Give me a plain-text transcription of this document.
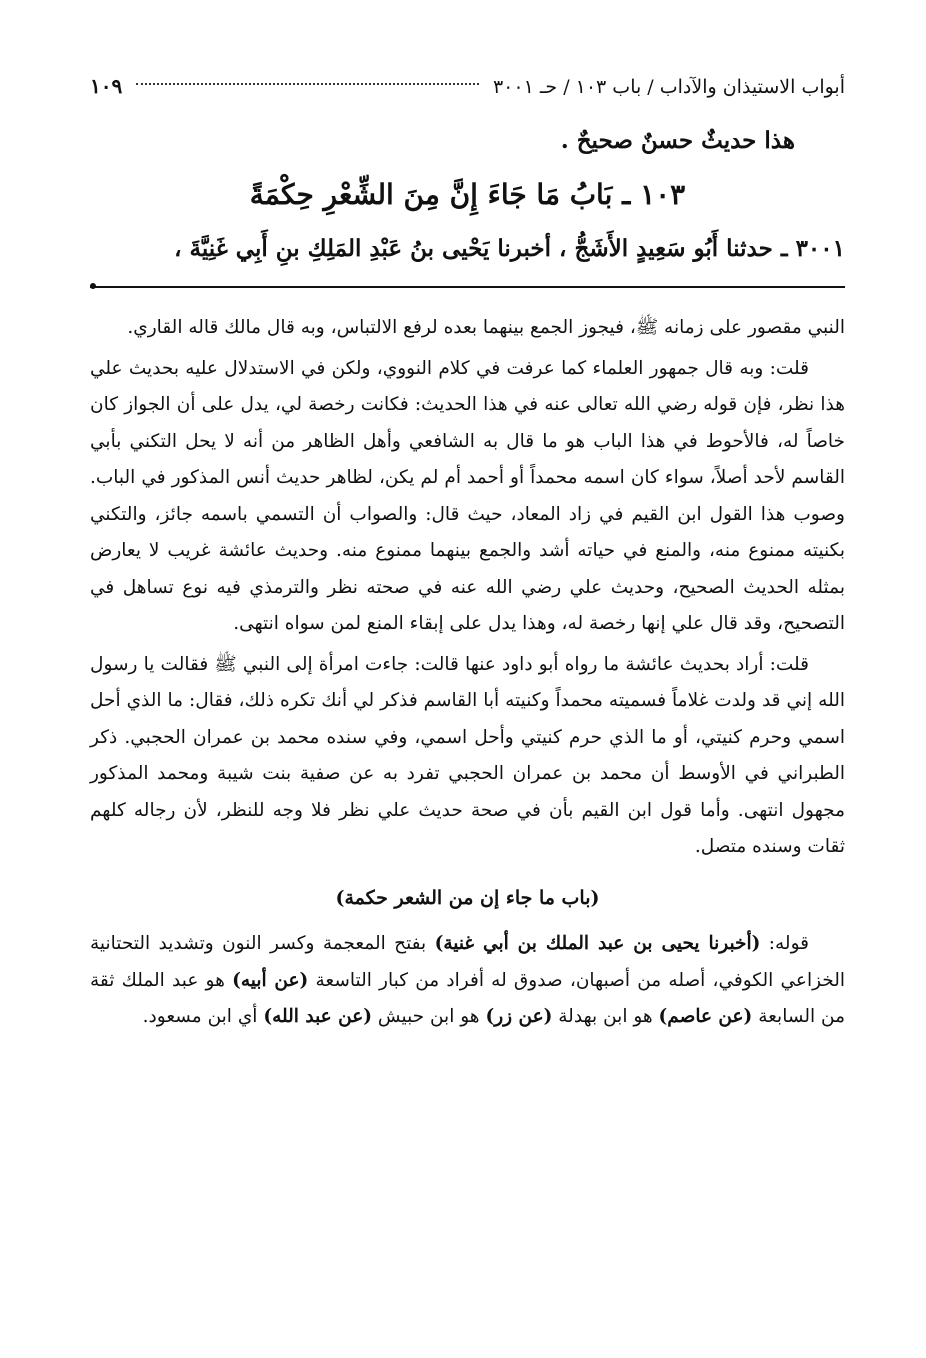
أبواب الاستيذان والآداب / باب ١٠٣ / حـ ٣٠٠١
١٠٩
هذا حديثٌ حسنٌ صحيحٌ .
١٠٣ ـ بَابُ مَا جَاءَ إِنَّ مِنَ الشِّعْرِ حِكْمَةً
٣٠٠١ ـ حدثنا أَبُو سَعِيدٍ الأَشَجُّ ، أخبرنا يَحْيى بنُ عَبْدِ المَلِكِ بنِ أَبِي غَنِيَّةَ ،

النبي مقصور على زمانه ﷺ، فيجوز الجمع بينهما بعده لرفع الالتباس، وبه قال مالك قاله القاري.

قلت: وبه قال جمهور العلماء كما عرفت في كلام النووي، ولكن في الاستدلال عليه بحديث علي هذا نظر، فإن قوله رضي الله تعالى عنه في هذا الحديث: فكانت رخصة لي، يدل على أن الجواز كان خاصاً له، فالأحوط في هذا الباب هو ما قال به الشافعي وأهل الظاهر من أنه لا يحل التكني بأبي القاسم لأحد أصلاً، سواء كان اسمه محمداً أو أحمد أم لم يكن، لظاهر حديث أنس المذكور في الباب. وصوب هذا القول ابن القيم في زاد المعاد، حيث قال: والصواب أن التسمي باسمه جائز، والتكني بكنيته ممنوع منه، والمنع في حياته أشد والجمع بينهما ممنوع منه. وحديث عائشة غريب لا يعارض بمثله الحديث الصحيح، وحديث علي رضي الله عنه في صحته نظر والترمذي فيه نوع تساهل في التصحيح، وقد قال علي إنها رخصة له، وهذا يدل على إبقاء المنع لمن سواه انتهى.

قلت: أراد بحديث عائشة ما رواه أبو داود عنها قالت: جاءت امرأة إلى النبي ﷺ فقالت يا رسول الله إني قد ولدت غلاماً فسميته محمداً وكنيته أبا القاسم فذكر لي أنك تكره ذلك، فقال: ما الذي أحل اسمي وحرم كنيتي، أو ما الذي حرم كنيتي وأحل اسمي، وفي سنده محمد بن عمران الحجبي. ذكر الطبراني في الأوسط أن محمد بن عمران الحجبي تفرد به عن صفية بنت شيبة ومحمد المذكور مجهول انتهى. وأما قول ابن القيم بأن في صحة حديث علي نظر فلا وجه للنظر، لأن رجاله كلهم ثقات وسنده متصل.

(باب ما جاء إن من الشعر حكمة)

قوله: (أخبرنا يحيى بن عبد الملك بن أبي غنية) بفتح المعجمة وكسر النون وتشديد التحتانية الخزاعي الكوفي، أصله من أصبهان، صدوق له أفراد من كبار التاسعة (عن أبيه) هو عبد الملك ثقة من السابعة (عن عاصم) هو ابن بهدلة (عن زر) هو ابن حبيش (عن عبد الله) أي ابن مسعود.
